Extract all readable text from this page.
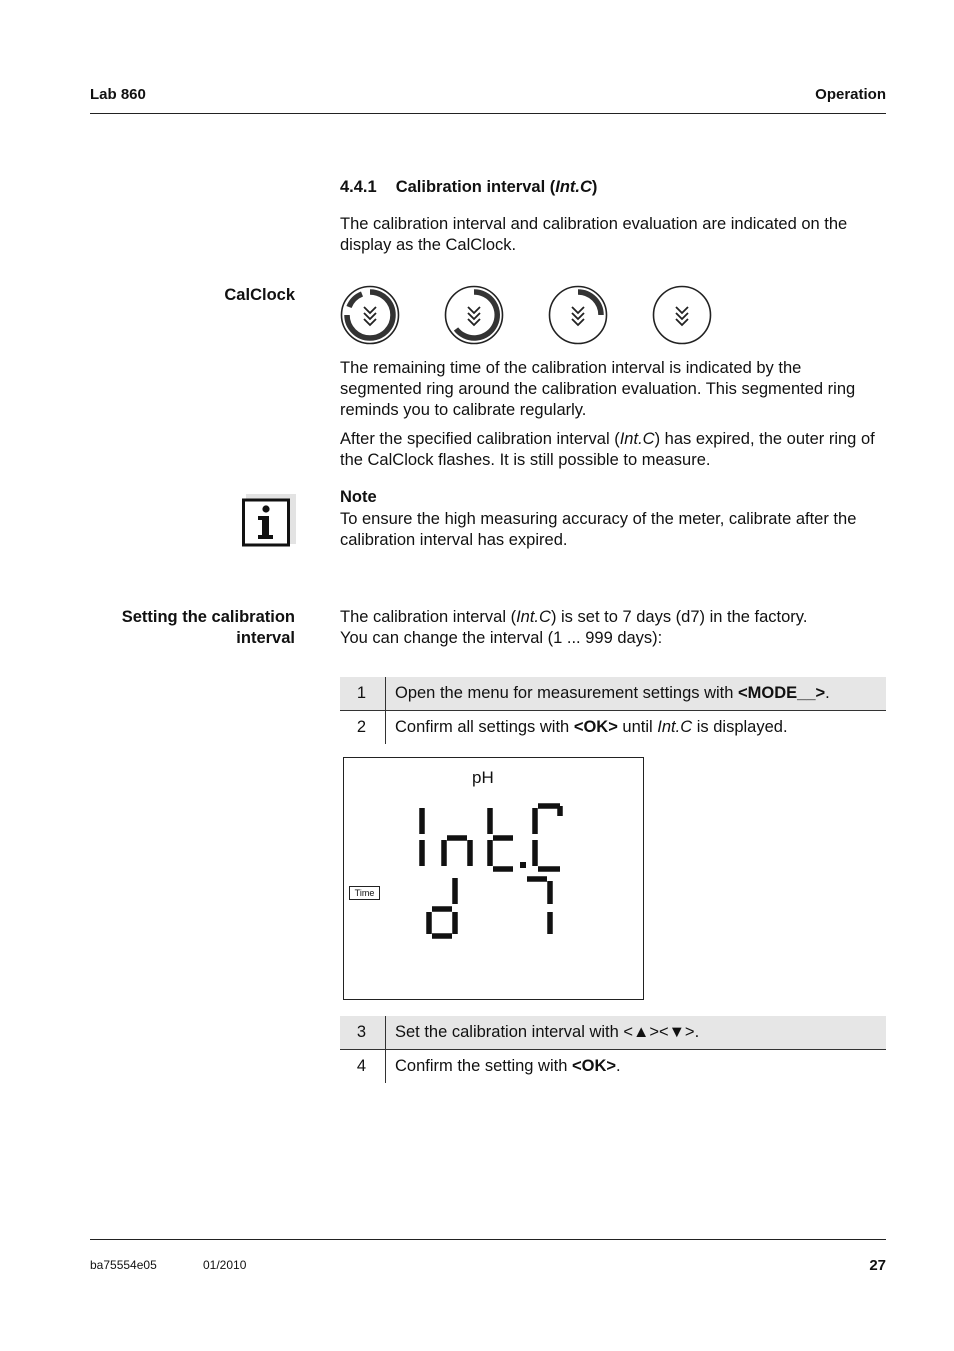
Lab 860	Operation
4.4.1 Calibration interval (Int.C)
The calibration interval and calibration evaluation are indicated on the display as the CalClock.
CalClock
The remaining time of the calibration interval is indicated by the segmented ring around the calibration evaluation. This segmented ring reminds you to calibrate regularly.
After the specified calibration interval (Int.C) has expired, the outer ring of the CalClock flashes. It is still possible to measure.
Note
To ensure the high measuring accuracy of the meter, calibrate after the calibration interval has expired.
Setting the calibration
interval
The calibration interval (Int.C) is set to 7 days (d7) in the factory.
You can change the interval (1 ... 999 days):
1	Open the menu for measurement settings with <MODE__>.
2	Confirm all settings with <OK> until Int.C is displayed.
pH
Time
3	Set the calibration interval with <▲><▼>.
4	Confirm the setting with <OK>.
ba75554e05	01/2010	27
